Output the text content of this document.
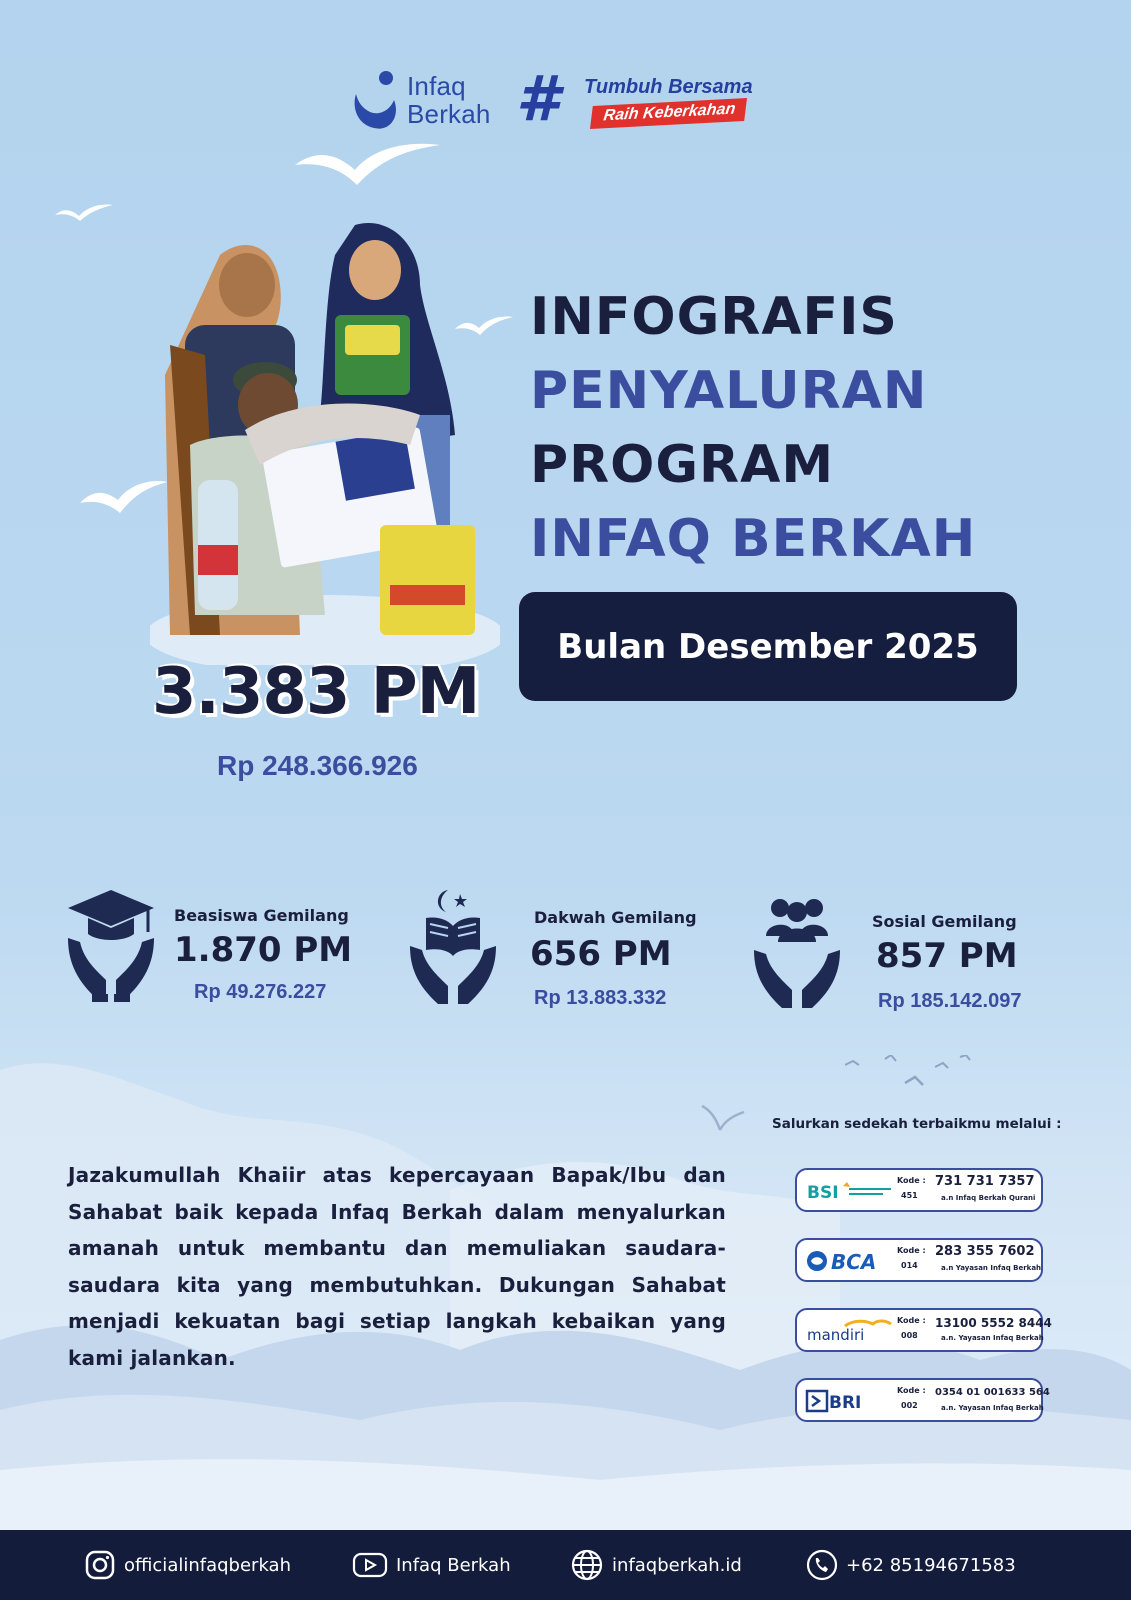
Infaq
Berkah # Tumbuh Bersama
Raih Keberkahan
INFOGRAFIS
PENYALURAN
PROGRAM
INFAQ BERKAH
Bulan Desember 2025
3.383 PM
Rp 248.366.926
Beasiswa Gemilang
1.870 PM
Rp 49.276.227
Dakwah Gemilang
656 PM
Rp 13.883.332
Sosial Gemilang
857 PM
Rp 185.142.097
Jazakumullah Khaiir atas kepercayaan Bapak/Ibu dan Sahabat baik kepada Infaq Berkah dalam menyalurkan amanah untuk membantu dan memuliakan saudara-saudara kita yang membutuhkan. Dukungan Sahabat menjadi kekuatan bagi setiap langkah kebaikan yang kami jalankan.
Salurkan sedekah terbaikmu melalui :
BSI
Kode :
451
731 731 7357
a.n Infaq Berkah Qurani
BCA	Kode :
014
283 355 7602
a.n Yayasan Infaq Berkah
mandiri
Kode :
008
13100 5552 8444
a.n. Yayasan Infaq Berkah
BRI
Kode :
002
0354 01 001633 564
a.n. Yayasan Infaq Berkah
officialinfaqberkah	Infaq Berkah	infaqberkah.id	+62 85194671583
